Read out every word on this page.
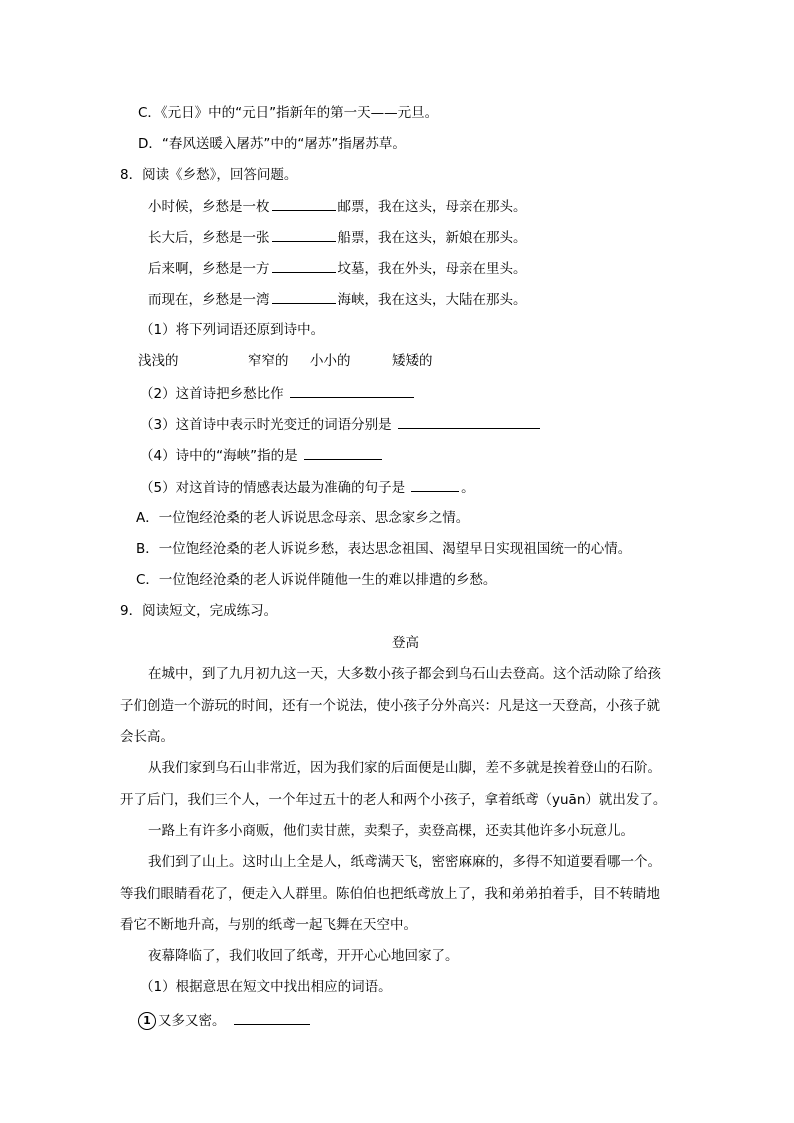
C．《元日》中的“元日”指新年的第一天——元旦。
D．“春风送暖入屠苏”中的“屠苏”指屠苏草。
8．阅读《乡愁》，回答问题。
小时候，乡愁是一枚	邮票，我在这头，母亲在那头。
长大后，乡愁是一张	船票，我在这头，新娘在那头。
后来啊，乡愁是一方	坟墓，我在外头，母亲在里头。
而现在，乡愁是一湾	海峡，我在这头，大陆在那头。
（1）将下列词语还原到诗中。
浅浅的	窄窄的 小小的	矮矮的
（2）这首诗把乡愁比作
（3）这首诗中表示时光变迁的词语分别是
（4）诗中的“海峡”指的是
（5）对这首诗的情感表达最为准确的句子是	。
A．一位饱经沧桑的老人诉说思念母亲、思念家乡之情。
B．一位饱经沧桑的老人诉说乡愁，表达思念祖国、渴望早日实现祖国统一的心情。
C．一位饱经沧桑的老人诉说伴随他一生的难以排遣的乡愁。
9．阅读短文，完成练习。
登高
在城中，到了九月初九这一天，大多数小孩子都会到乌石山去登高。这个活动除了给孩
子们创造一个游玩的时间，还有一个说法，使小孩子分外高兴：凡是这一天登高，小孩子就
会长高。
从我们家到乌石山非常近，因为我们家的后面便是山脚，差不多就是挨着登山的石阶。
开了后门，我们三个人，一个年过五十的老人和两个小孩子，拿着纸鸢（yuān）就出发了。
一路上有许多小商贩，他们卖甘蔗，卖梨子，卖登高棵，还卖其他许多小玩意儿。
我们到了山上。这时山上全是人，纸鸢满天飞，密密麻麻的，多得不知道要看哪一个。
等我们眼睛看花了，便走入人群里。陈伯伯也把纸鸢放上了，我和弟弟拍着手，目不转睛地
看它不断地升高，与别的纸鸢一起飞舞在天空中。
夜幕降临了，我们收回了纸鸢，开开心心地回家了。
（1）根据意思在短文中找出相应的词语。
1 又多又密。
